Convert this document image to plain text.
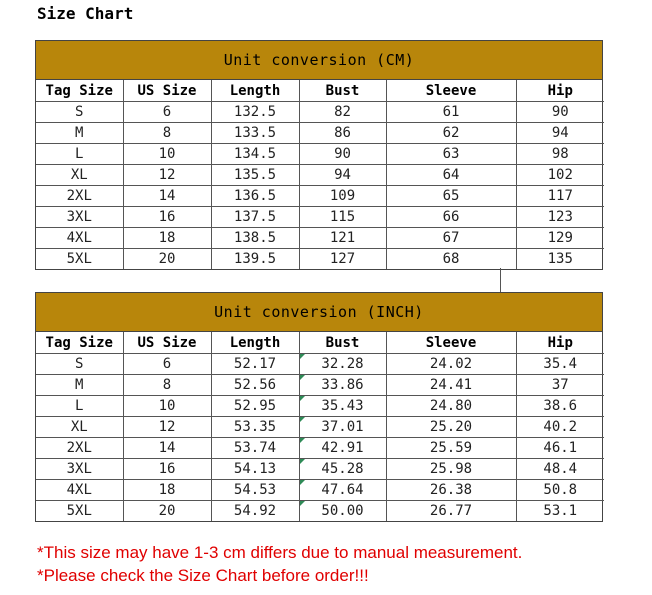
Size Chart
Unit conversion (CM)
Tag Size	US Size	Length	Bust	Sleeve	Hip
S	6	132.5	82	61	90
M	8	133.5	86	62	94
L	10	134.5	90	63	98
XL	12	135.5	94	64	102
2XL	14	136.5	109	65	117
3XL	16	137.5	115	66	123
4XL	18	138.5	121	67	129
5XL	20	139.5	127	68	135
Unit conversion (INCH)
Tag Size	US Size	Length	Bust	Sleeve	Hip
S	6	52.17	32.28	24.02	35.4
M	8	52.56	33.86	24.41	37
L	10	52.95	35.43	24.80	38.6
XL	12	53.35	37.01	25.20	40.2
2XL	14	53.74	42.91	25.59	46.1
3XL	16	54.13	45.28	25.98	48.4
4XL	18	54.53	47.64	26.38	50.8
5XL	20	54.92	50.00	26.77	53.1
*This size may have 1-3 cm differs due to manual measurement.
*Please check the Size Chart before order!!!
